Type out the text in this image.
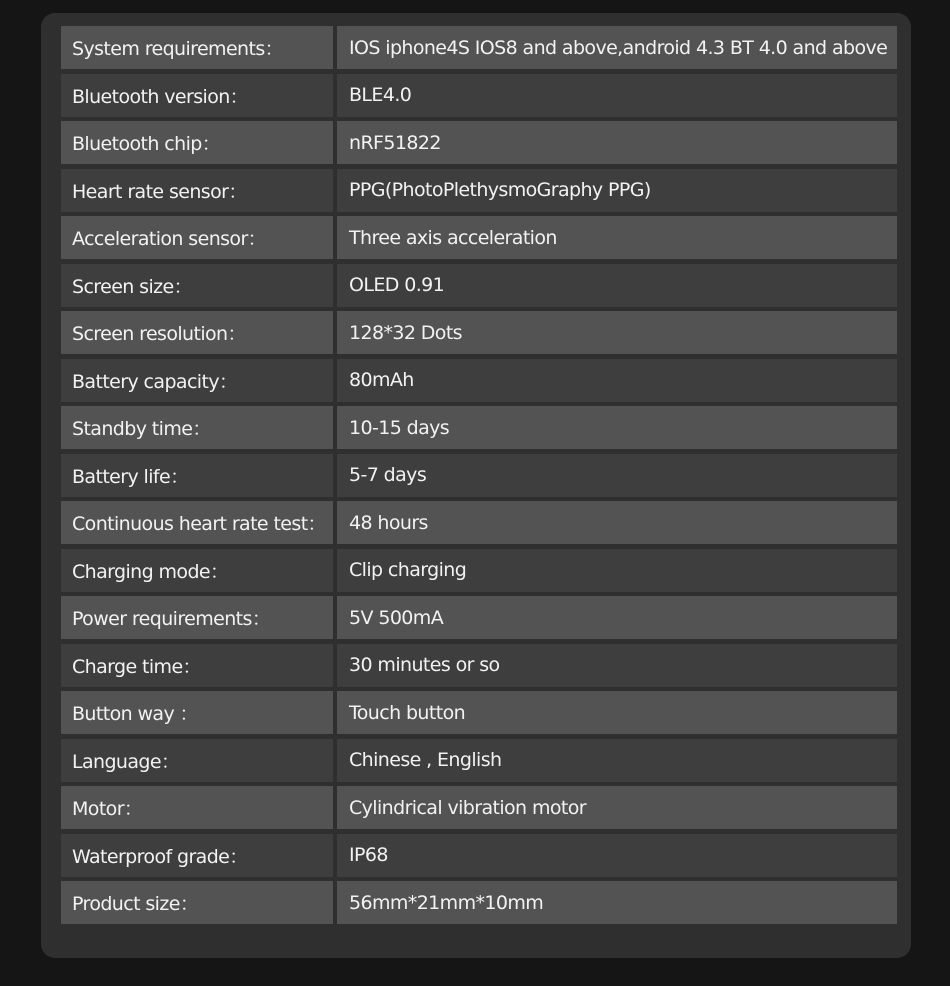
System requirements：	IOS iphone4S IOS8 and above,android 4.3 BT 4.0 and above
Bluetooth version：	BLE4.0
Bluetooth chip：	nRF51822
Heart rate sensor：	PPG(PhotoPlethysmoGraphy PPG)
Acceleration sensor：	Three axis acceleration
Screen size：	OLED 0.91
Screen resolution：	128*32 Dots
Battery capacity：	80mAh
Standby time：	10-15 days
Battery life：	5-7 days
Continuous heart rate test：	48 hours
Charging mode：	Clip charging
Power requirements：	5V 500mA
Charge time：	30 minutes or so
Button way ：	Touch button
Language：	Chinese , English
Motor：	Cylindrical vibration motor
Waterproof grade：	IP68
Product size：	56mm*21mm*10mm
